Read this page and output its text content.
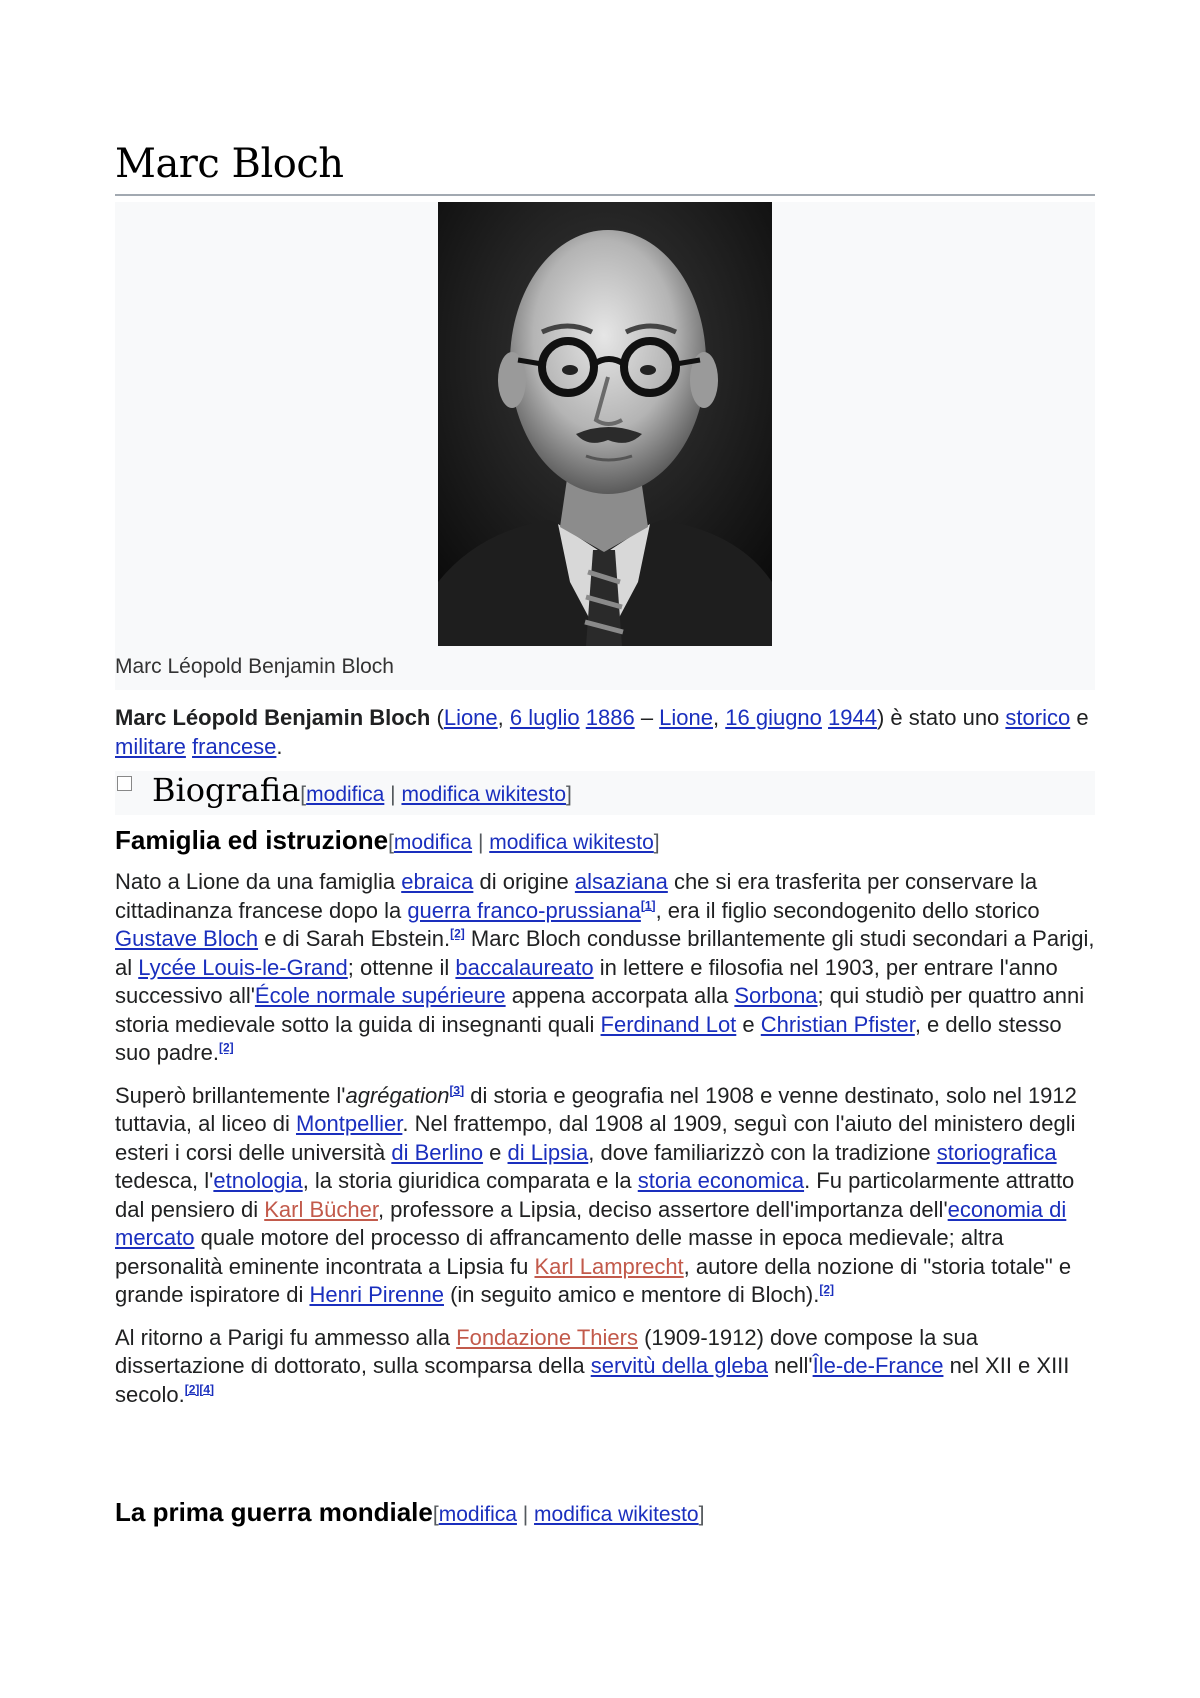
Marc Bloch
Marc Léopold Benjamin Bloch

Marc Léopold Benjamin Bloch (Lione, 6 luglio 1886 – Lione, 16 giugno 1944) è stato uno storico e militare francese.

Biografia [modifica | modifica wikitesto]
Famiglia ed istruzione[modifica | modifica wikitesto]

Nato a Lione da una famiglia ebraica di origine alsaziana che si era trasferita per conservare la cittadinanza francese dopo la guerra franco-prussiana[1], era il figlio secondogenito dello storico Gustave Bloch e di Sarah Ebstein.[2] Marc Bloch condusse brillantemente gli studi secondari a Parigi, al Lycée Louis-le-Grand; ottenne il baccalaureato in lettere e filosofia nel 1903, per entrare l'anno successivo all'École normale supérieure appena accorpata alla Sorbona; qui studiò per quattro anni storia medievale sotto la guida di insegnanti quali Ferdinand Lot e Christian Pfister, e dello stesso suo padre.[2]

Superò brillantemente l'agrégation[3] di storia e geografia nel 1908 e venne destinato, solo nel 1912 tuttavia, al liceo di Montpellier. Nel frattempo, dal 1908 al 1909, seguì con l'aiuto del ministero degli esteri i corsi delle università di Berlino e di Lipsia, dove familiarizzò con la tradizione storiografica tedesca, l'etnologia, la storia giuridica comparata e la storia economica. Fu particolarmente attratto dal pensiero di Karl Bücher, professore a Lipsia, deciso assertore dell'importanza dell'economia di mercato quale motore del processo di affrancamento delle masse in epoca medievale; altra personalità eminente incontrata a Lipsia fu Karl Lamprecht, autore della nozione di "storia totale" e grande ispiratore di Henri Pirenne (in seguito amico e mentore di Bloch).[2]

Al ritorno a Parigi fu ammesso alla Fondazione Thiers (1909-1912) dove compose la sua dissertazione di dottorato, sulla scomparsa della servitù della gleba nell'Île-de-France nel XII e XIII secolo.[2][4]

La prima guerra mondiale[modifica | modifica wikitesto]
